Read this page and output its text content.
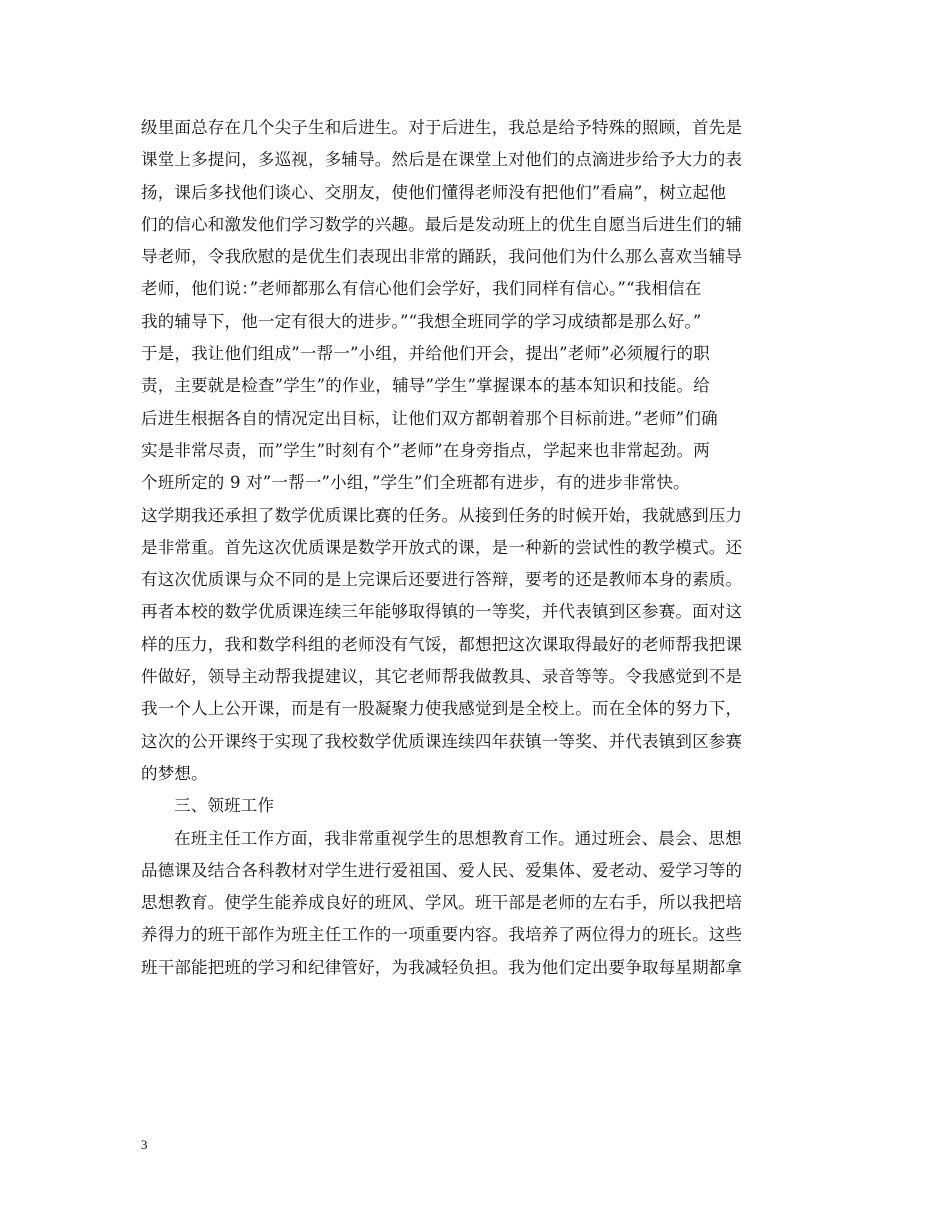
级里面总存在几个尖子生和后进生。对于后进生，我总是给予特殊的照顾，首先是
课堂上多提问，多巡视，多辅导。然后是在课堂上对他们的点滴进步给予大力的表
扬，课后多找他们谈心、交朋友，使他们懂得老师没有把他们”看扁”，树立起他
们的信心和激发他们学习数学的兴趣。最后是发动班上的优生自愿当后进生们的辅
导老师，令我欣慰的是优生们表现出非常的踊跃，我问他们为什么那么喜欢当辅导
老师，他们说：”老师都那么有信心他们会学好，我们同样有信心。”“我相信在
我的辅导下，他一定有很大的进步。”“我想全班同学的学习成绩都是那么好。”
于是，我让他们组成”一帮一”小组，并给他们开会，提出”老师”必须履行的职
责，主要就是检查”学生”的作业，辅导”学生”掌握课本的基本知识和技能。给
后进生根据各自的情况定出目标，让他们双方都朝着那个目标前进。”老师”们确
实是非常尽责，而”学生”时刻有个”老师”在身旁指点，学起来也非常起劲。两
个班所定的 9 对”一帮一”小组，”学生”们全班都有进步，有的进步非常快。
这学期我还承担了数学优质课比赛的任务。从接到任务的时候开始，我就感到压力
是非常重。首先这次优质课是数学开放式的课，是一种新的尝试性的教学模式。还
有这次优质课与众不同的是上完课后还要进行答辩，要考的还是教师本身的素质。
再者本校的数学优质课连续三年能够取得镇的一等奖，并代表镇到区参赛。面对这
样的压力，我和数学科组的老师没有气馁，都想把这次课取得最好的老师帮我把课
件做好，领导主动帮我提建议，其它老师帮我做教具、录音等等。令我感觉到不是
我一个人上公开课，而是有一股凝聚力使我感觉到是全校上。而在全体的努力下，
这次的公开课终于实现了我校数学优质课连续四年获镇一等奖、并代表镇到区参赛
的梦想。
三、领班工作
在班主任工作方面，我非常重视学生的思想教育工作。通过班会、晨会、思想
品德课及结合各科教材对学生进行爱祖国、爱人民、爱集体、爱老动、爱学习等的
思想教育。使学生能养成良好的班风、学风。班干部是老师的左右手，所以我把培
养得力的班干部作为班主任工作的一项重要内容。我培养了两位得力的班长。这些
班干部能把班的学习和纪律管好，为我减轻负担。我为他们定出要争取每星期都拿
3
